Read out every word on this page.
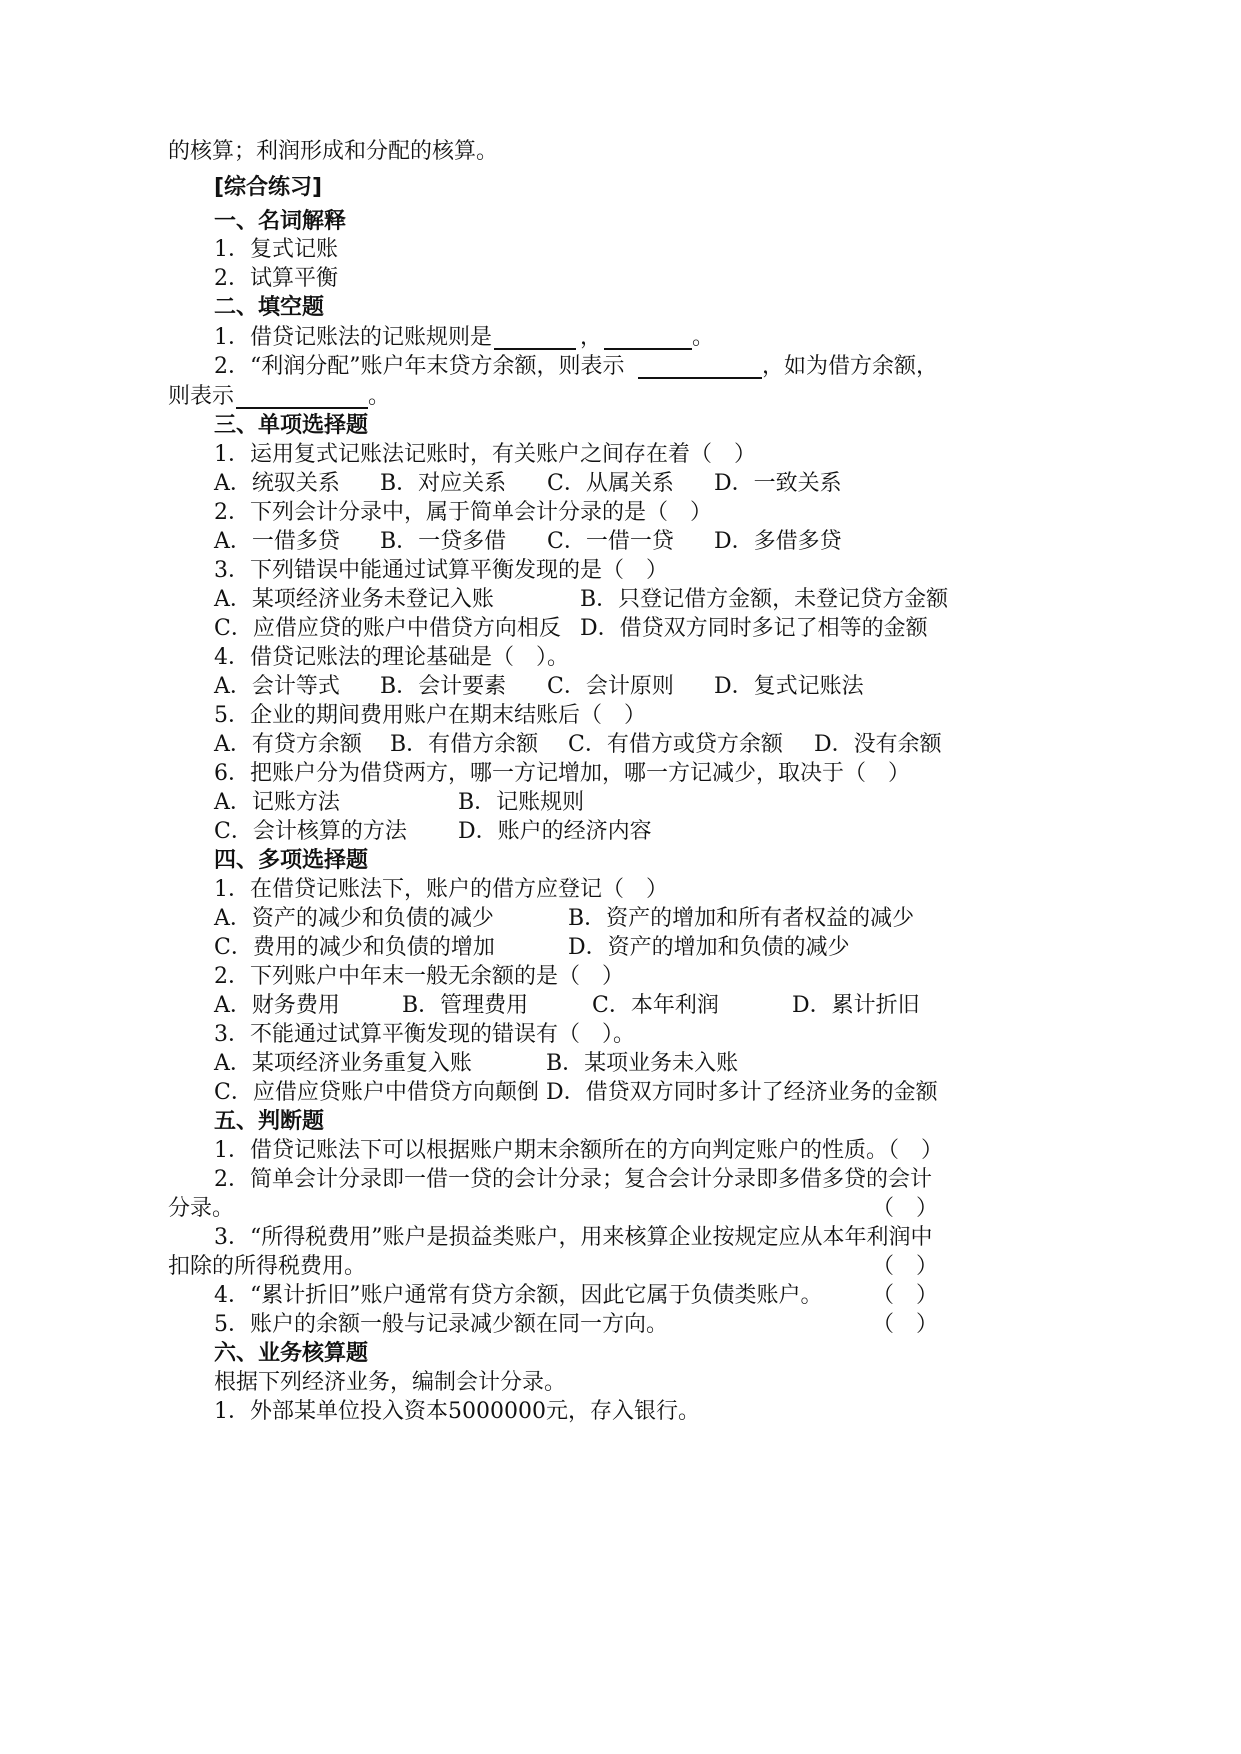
的核算；利润形成和分配的核算。
[综合练习]
一、名词解释
1．复式记账
2．试算平衡
二、填空题
1．借贷记账法的记账规则是	，	。
2．“利润分配”账户年末贷方余额，则表示	，如为借方余额，
则表示	。
三、单项选择题
1．运用复式记账法记账时，有关账户之间存在着（　）
A．统驭关系 B．对应关系 C．从属关系 D．一致关系
2．下列会计分录中，属于简单会计分录的是（　）
A．一借多贷 B．一贷多借 C．一借一贷 D．多借多贷
3．下列错误中能通过试算平衡发现的是（　）
A．某项经济业务未登记入账	B．只登记借方金额，未登记贷方金额
C．应借应贷的账户中借贷方向相反 D．借贷双方同时多记了相等的金额
4．借贷记账法的理论基础是（　）。
A．会计等式 B．会计要素 C．会计原则 D．复式记账法
5．企业的期间费用账户在期末结账后（　）
A．有贷方余额 B．有借方余额 C．有借方或贷方余额 D．没有余额
6．把账户分为借贷两方，哪一方记增加，哪一方记减少，取决于（　）
A．记账方法	B．记账规则
C．会计核算的方法 D．账户的经济内容
四、多项选择题
1．在借贷记账法下，账户的借方应登记（　）
A．资产的减少和负债的减少	B．资产的增加和所有者权益的减少
C．费用的减少和负债的增加	D．资产的增加和负债的减少
2．下列账户中年末一般无余额的是（　）
A．财务费用	B．管理费用	C．本年利润	D．累计折旧
3．不能通过试算平衡发现的错误有（　）。
A．某项经济业务重复入账	B．某项业务未入账
C．应借应贷账户中借贷方向颠倒 D．借贷双方同时多计了经济业务的金额
五、判断题
1．借贷记账法下可以根据账户期末余额所在的方向判定账户的性质。（　）
2．简单会计分录即一借一贷的会计分录；复合会计分录即多借多贷的会计
分录。	（　）
3．“所得税费用”账户是损益类账户，用来核算企业按规定应从本年利润中
扣除的所得税费用。	（　）
4．“累计折旧”账户通常有贷方余额，因此它属于负债类账户。 （　）
5．账户的余额一般与记录减少额在同一方向。	（　）
六、业务核算题
根据下列经济业务，编制会计分录。
1．外部某单位投入资本5000000元，存入银行。
